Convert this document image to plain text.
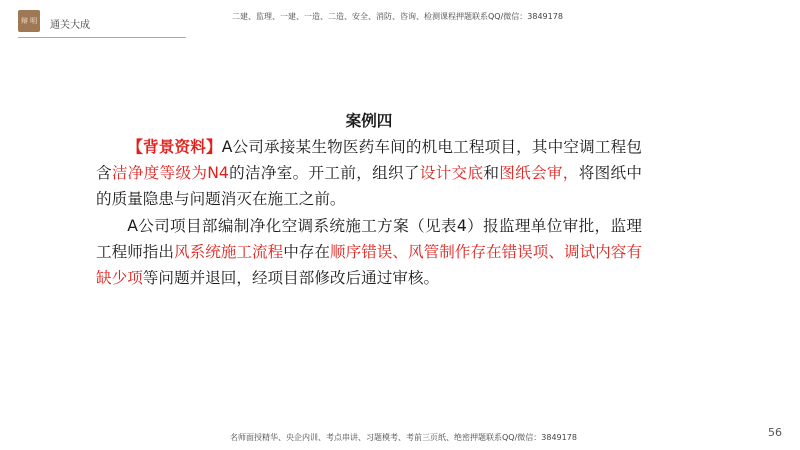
辩 明 通关大成
二建、监理、一建、一造、二造、安全、消防、咨询、检测课程押题联系QQ/微信：3849178
案例四

【背景资料】A公司承接某生物医药车间的机电工程项目，其中空调工程包含洁净度等级为N4的洁净室。开工前，组织了设计交底和图纸会审，将图纸中的质量隐患与问题消灭在施工之前。

A公司项目部编制净化空调系统施工方案（见表4）报监理单位审批，监理工程师指出风系统施工流程中存在顺序错误、风管制作存在错误项、调试内容有缺少项等问题并退回，经项目部修改后通过审核。

56
名师面授精华、央企内训、考点串讲、习题模考、考前三页纸、绝密押题联系QQ/微信：3849178
